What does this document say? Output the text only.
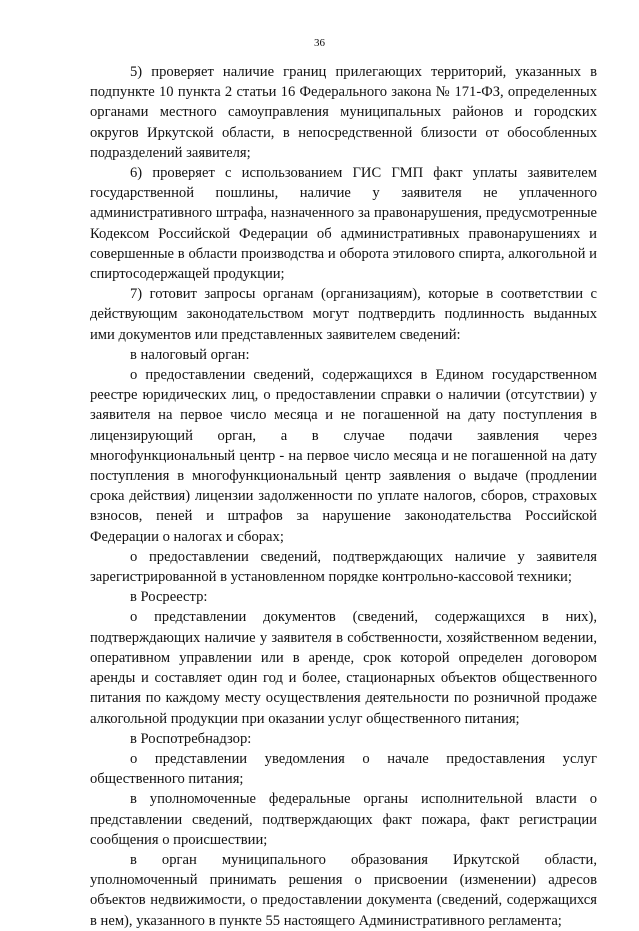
36

5) проверяет наличие границ прилегающих территорий, указанных в подпункте 10 пункта 2 статьи 16 Федерального закона № 171-ФЗ, определенных органами местного самоуправления муниципальных районов и городских округов Иркутской области, в непосредственной близости от обособленных подразделений заявителя;

6) проверяет с использованием ГИС ГМП факт уплаты заявителем государственной пошлины, наличие у заявителя не уплаченного административного штрафа, назначенного за правонарушения, предусмотренные Кодексом Российской Федерации об административных правонарушениях и совершенные в области производства и оборота этилового спирта, алкогольной и спиртосодержащей продукции;

7) готовит запросы органам (организациям), которые в соответствии с действующим законодательством могут подтвердить подлинность выданных ими документов или представленных заявителем сведений:

в налоговый орган:

о предоставлении сведений, содержащихся в Едином государственном реестре юридических лиц, о предоставлении справки о наличии (отсутствии) у заявителя на первое число месяца и не погашенной на дату поступления в лицензирующий орган, а в случае подачи заявления через многофункциональный центр - на первое число месяца и не погашенной на дату поступления в многофункциональный центр заявления о выдаче (продлении срока действия) лицензии задолженности по уплате налогов, сборов, страховых взносов, пеней и штрафов за нарушение законодательства Российской Федерации о налогах и сборах;

о предоставлении сведений, подтверждающих наличие у заявителя зарегистрированной в установленном порядке контрольно-кассовой техники;

в Росреестр:

о представлении документов (сведений, содержащихся в них), подтверждающих наличие у заявителя в собственности, хозяйственном ведении, оперативном управлении или в аренде, срок которой определен договором аренды и составляет один год и более, стационарных объектов общественного питания по каждому месту осуществления деятельности по розничной продаже алкогольной продукции при оказании услуг общественного питания;

в Роспотребнадзор:

о представлении уведомления о начале предоставления услуг общественного питания;

в уполномоченные федеральные органы исполнительной власти о представлении сведений, подтверждающих факт пожара, факт регистрации сообщения о происшествии;

в орган муниципального образования Иркутской области, уполномоченный принимать решения о присвоении (изменении) адресов объектов недвижимости, о предоставлении документа (сведений, содержащихся в нем), указанного в пункте 55 настоящего Административного регламента;
